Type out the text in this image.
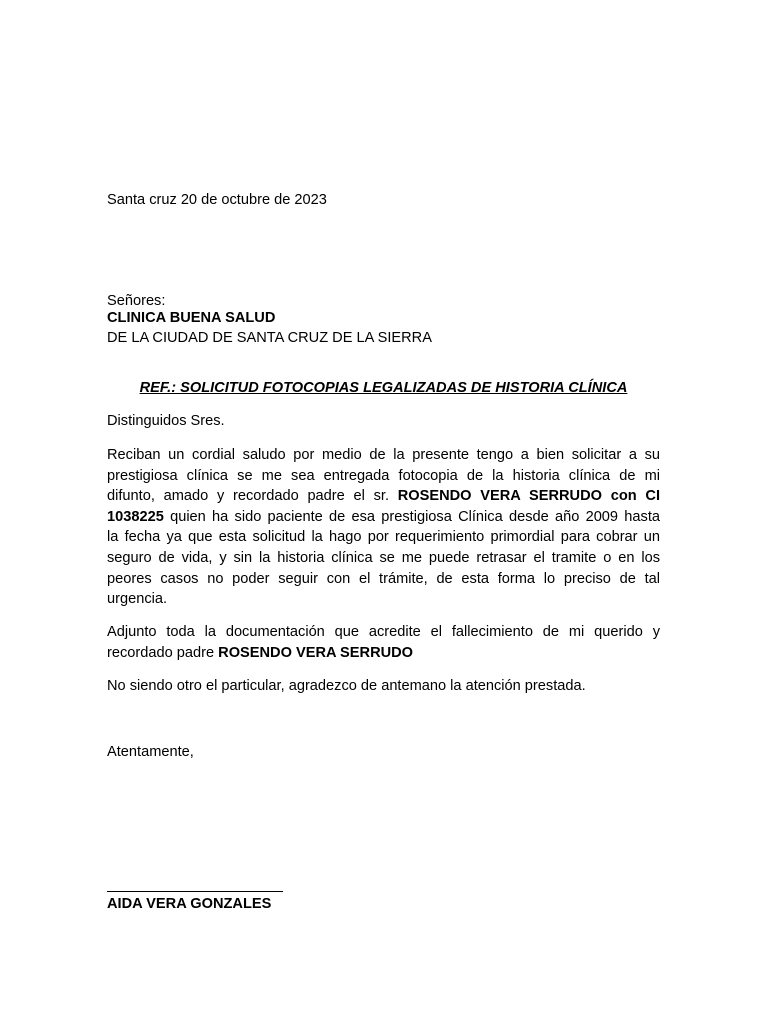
Santa cruz 20 de octubre de 2023
Señores:
CLINICA BUENA SALUD
DE LA CIUDAD DE SANTA CRUZ DE LA SIERRA
REF.: SOLICITUD FOTOCOPIAS LEGALIZADAS DE HISTORIA CLÍNICA
Distinguidos Sres.
Reciban un cordial saludo por medio de la presente tengo a bien solicitar a su
prestigiosa clínica se me sea entregada fotocopia de la historia clínica de mi
difunto, amado y recordado padre el sr. ROSENDO VERA SERRUDO con CI
1038225 quien ha sido paciente de esa prestigiosa Clínica desde año 2009 hasta
la fecha ya que esta solicitud la hago por requerimiento primordial para cobrar un
seguro de vida, y sin la historia clínica se me puede retrasar el tramite o en los
peores casos no poder seguir con el trámite, de esta forma lo preciso de tal
urgencia.
Adjunto toda la documentación que acredite el fallecimiento de mi querido y
recordado padre ROSENDO VERA SERRUDO
No siendo otro el particular, agradezco de antemano la atención prestada.
Atentamente,
AIDA VERA GONZALES
